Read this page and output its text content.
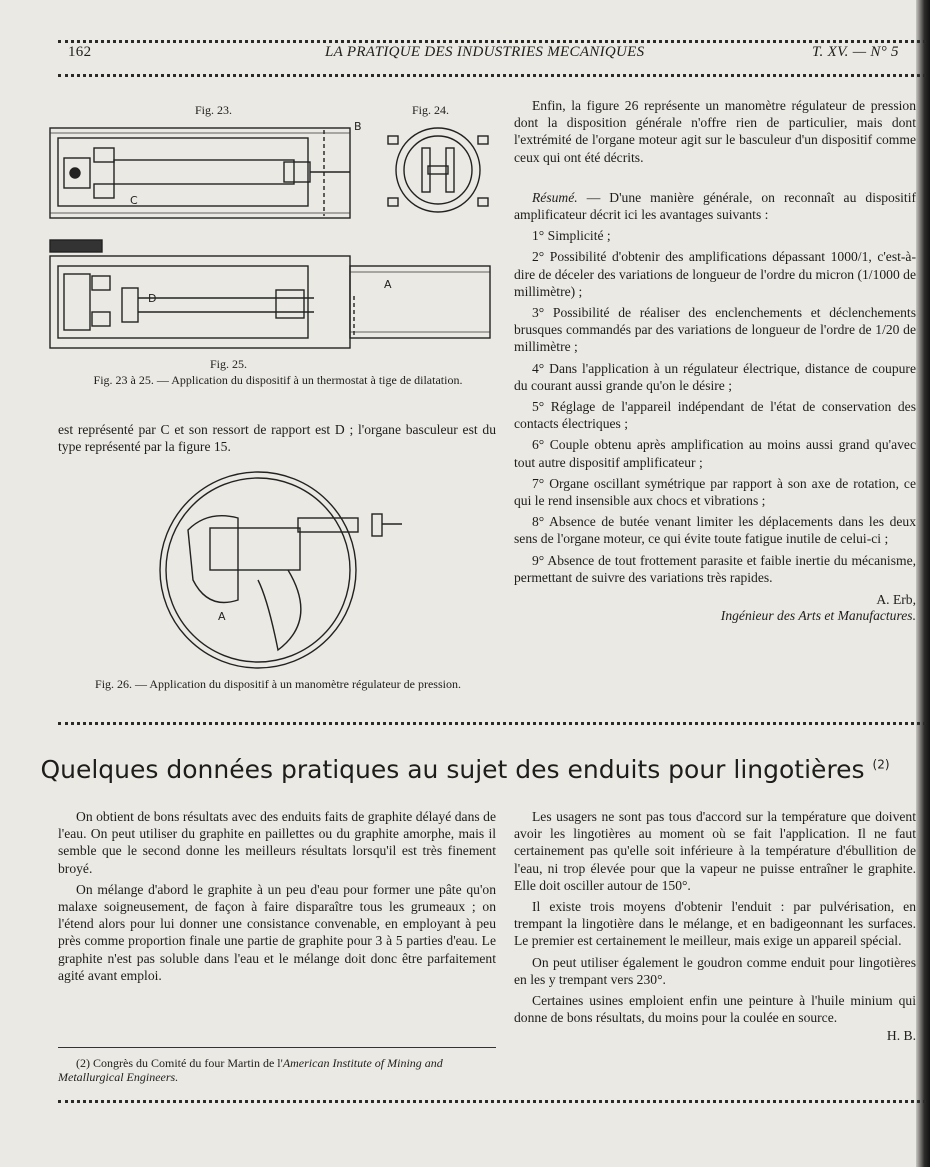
162	LA PRATIQUE DES INDUSTRIES MECANIQUES	T. XV. — N° 5
Fig. 23.	Fig. 24.
B
C
D
A
Fig. 25.
Fig. 23 à 25. — Application du dispositif à un thermostat à tige de dilatation.

est représenté par C et son ressort de rapport est D ; l'organe basculeur est du type représenté par la figure 15.

A
Fig. 26. — Application du dispositif à un manomètre régulateur de pression.

Enfin, la figure 26 représente un manomètre régulateur de pression dont la disposition générale n'offre rien de particulier, mais dont l'extrémité de l'organe moteur agit sur le basculeur d'un dispositif comme ceux qui ont été décrits.

Résumé. — D'une manière générale, on reconnaît au dispositif amplificateur décrit ici les avantages suivants :

1° Simplicité ;

2° Possibilité d'obtenir des amplifications dépassant 1000/1, c'est-à-dire de déceler des variations de longueur de l'ordre du micron (1/1000 de millimètre) ;

3° Possibilité de réaliser des enclenchements et déclenchements brusques commandés par des variations de longueur de l'ordre de 1/20 de millimètre ;

4° Dans l'application à un régulateur électrique, distance de coupure du courant aussi grande qu'on le désire ;

5° Réglage de l'appareil indépendant de l'état de conservation des contacts électriques ;

6° Couple obtenu après amplification au moins aussi grand qu'avec tout autre dispositif amplificateur ;

7° Organe oscillant symétrique par rapport à son axe de rotation, ce qui le rend insensible aux chocs et vibrations ;

8° Absence de butée venant limiter les déplacements dans les deux sens de l'organe moteur, ce qui évite toute fatigue inutile de celui-ci ;

9° Absence de tout frottement parasite et faible inertie du mécanisme, permettant de suivre des variations très rapides.

A. Erb,
Ingénieur des Arts et Manufactures.
Quelques données pratiques au sujet des enduits pour lingotières $^{(2)}$

On obtient de bons résultats avec des enduits faits de graphite délayé dans de l'eau. On peut utiliser du graphite en paillettes ou du graphite amorphe, mais il semble que le second donne les meilleurs résultats lorsqu'il est très finement broyé.

On mélange d'abord le graphite à un peu d'eau pour former une pâte qu'on malaxe soigneusement, de façon à faire disparaître tous les grumeaux ; on l'étend alors pour lui donner une consistance convenable, en employant à peu près comme proportion finale une partie de graphite pour 3 à 5 parties d'eau. Le graphite n'est pas soluble dans l'eau et le mélange doit donc être parfaitement agité avant emploi.

(2) Congrès du Comité du four Martin de l'American Institute of Mining and Metallurgical Engineers.

Les usagers ne sont pas tous d'accord sur la température que doivent avoir les lingotières au moment où se fait l'application. Il ne faut certainement pas qu'elle soit inférieure à la température d'ébullition de l'eau, ni trop élevée pour que la vapeur ne puisse entraîner le graphite. Elle doit osciller autour de 150°.

Il existe trois moyens d'obtenir l'enduit : par pulvérisation, en trempant la lingotière dans le mélange, et en badigeonnant les surfaces. Le premier est certainement le meilleur, mais exige un appareil spécial.

On peut utiliser également le goudron comme enduit pour lingotières en les y trempant vers 230°.

Certaines usines emploient enfin une peinture à l'huile minium qui donne de bons résultats, du moins pour la coulée en source.

H. B.
